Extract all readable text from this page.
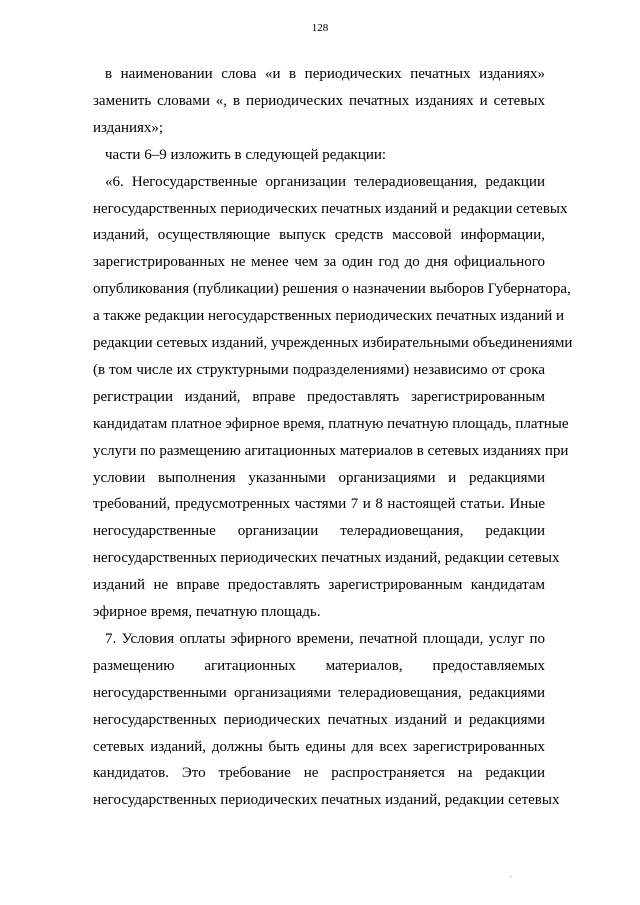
128
в наименовании слова «и в периодических печатных изданиях»
заменить словами «, в периодических печатных изданиях и сетевых
изданиях»;
части 6–9 изложить в следующей редакции:
«6. Негосударственные организации телерадиовещания, редакции
негосударственных периодических печатных изданий и редакции сетевых
изданий, осуществляющие выпуск средств массовой информации,
зарегистрированных не менее чем за один год до дня официального
опубликования (публикации) решения о назначении выборов Губернатора,
а также редакции негосударственных периодических печатных изданий и
редакции сетевых изданий, учрежденных избирательными объединениями
(в том числе их структурными подразделениями) независимо от срока
регистрации изданий, вправе предоставлять зарегистрированным
кандидатам платное эфирное время, платную печатную площадь, платные
услуги по размещению агитационных материалов в сетевых изданиях при
условии выполнения указанными организациями и редакциями
требований, предусмотренных частями 7 и 8 настоящей статьи. Иные
негосударственные организации телерадиовещания, редакции
негосударственных периодических печатных изданий, редакции сетевых
изданий не вправе предоставлять зарегистрированным кандидатам
эфирное время, печатную площадь.
7. Условия оплаты эфирного времени, печатной площади, услуг по
размещению агитационных материалов, предоставляемых
негосударственными организациями телерадиовещания, редакциями
негосударственных периодических печатных изданий и редакциями
сетевых изданий, должны быть едины для всех зарегистрированных
кандидатов. Это требование не распространяется на редакции
негосударственных периодических печатных изданий, редакции сетевых
